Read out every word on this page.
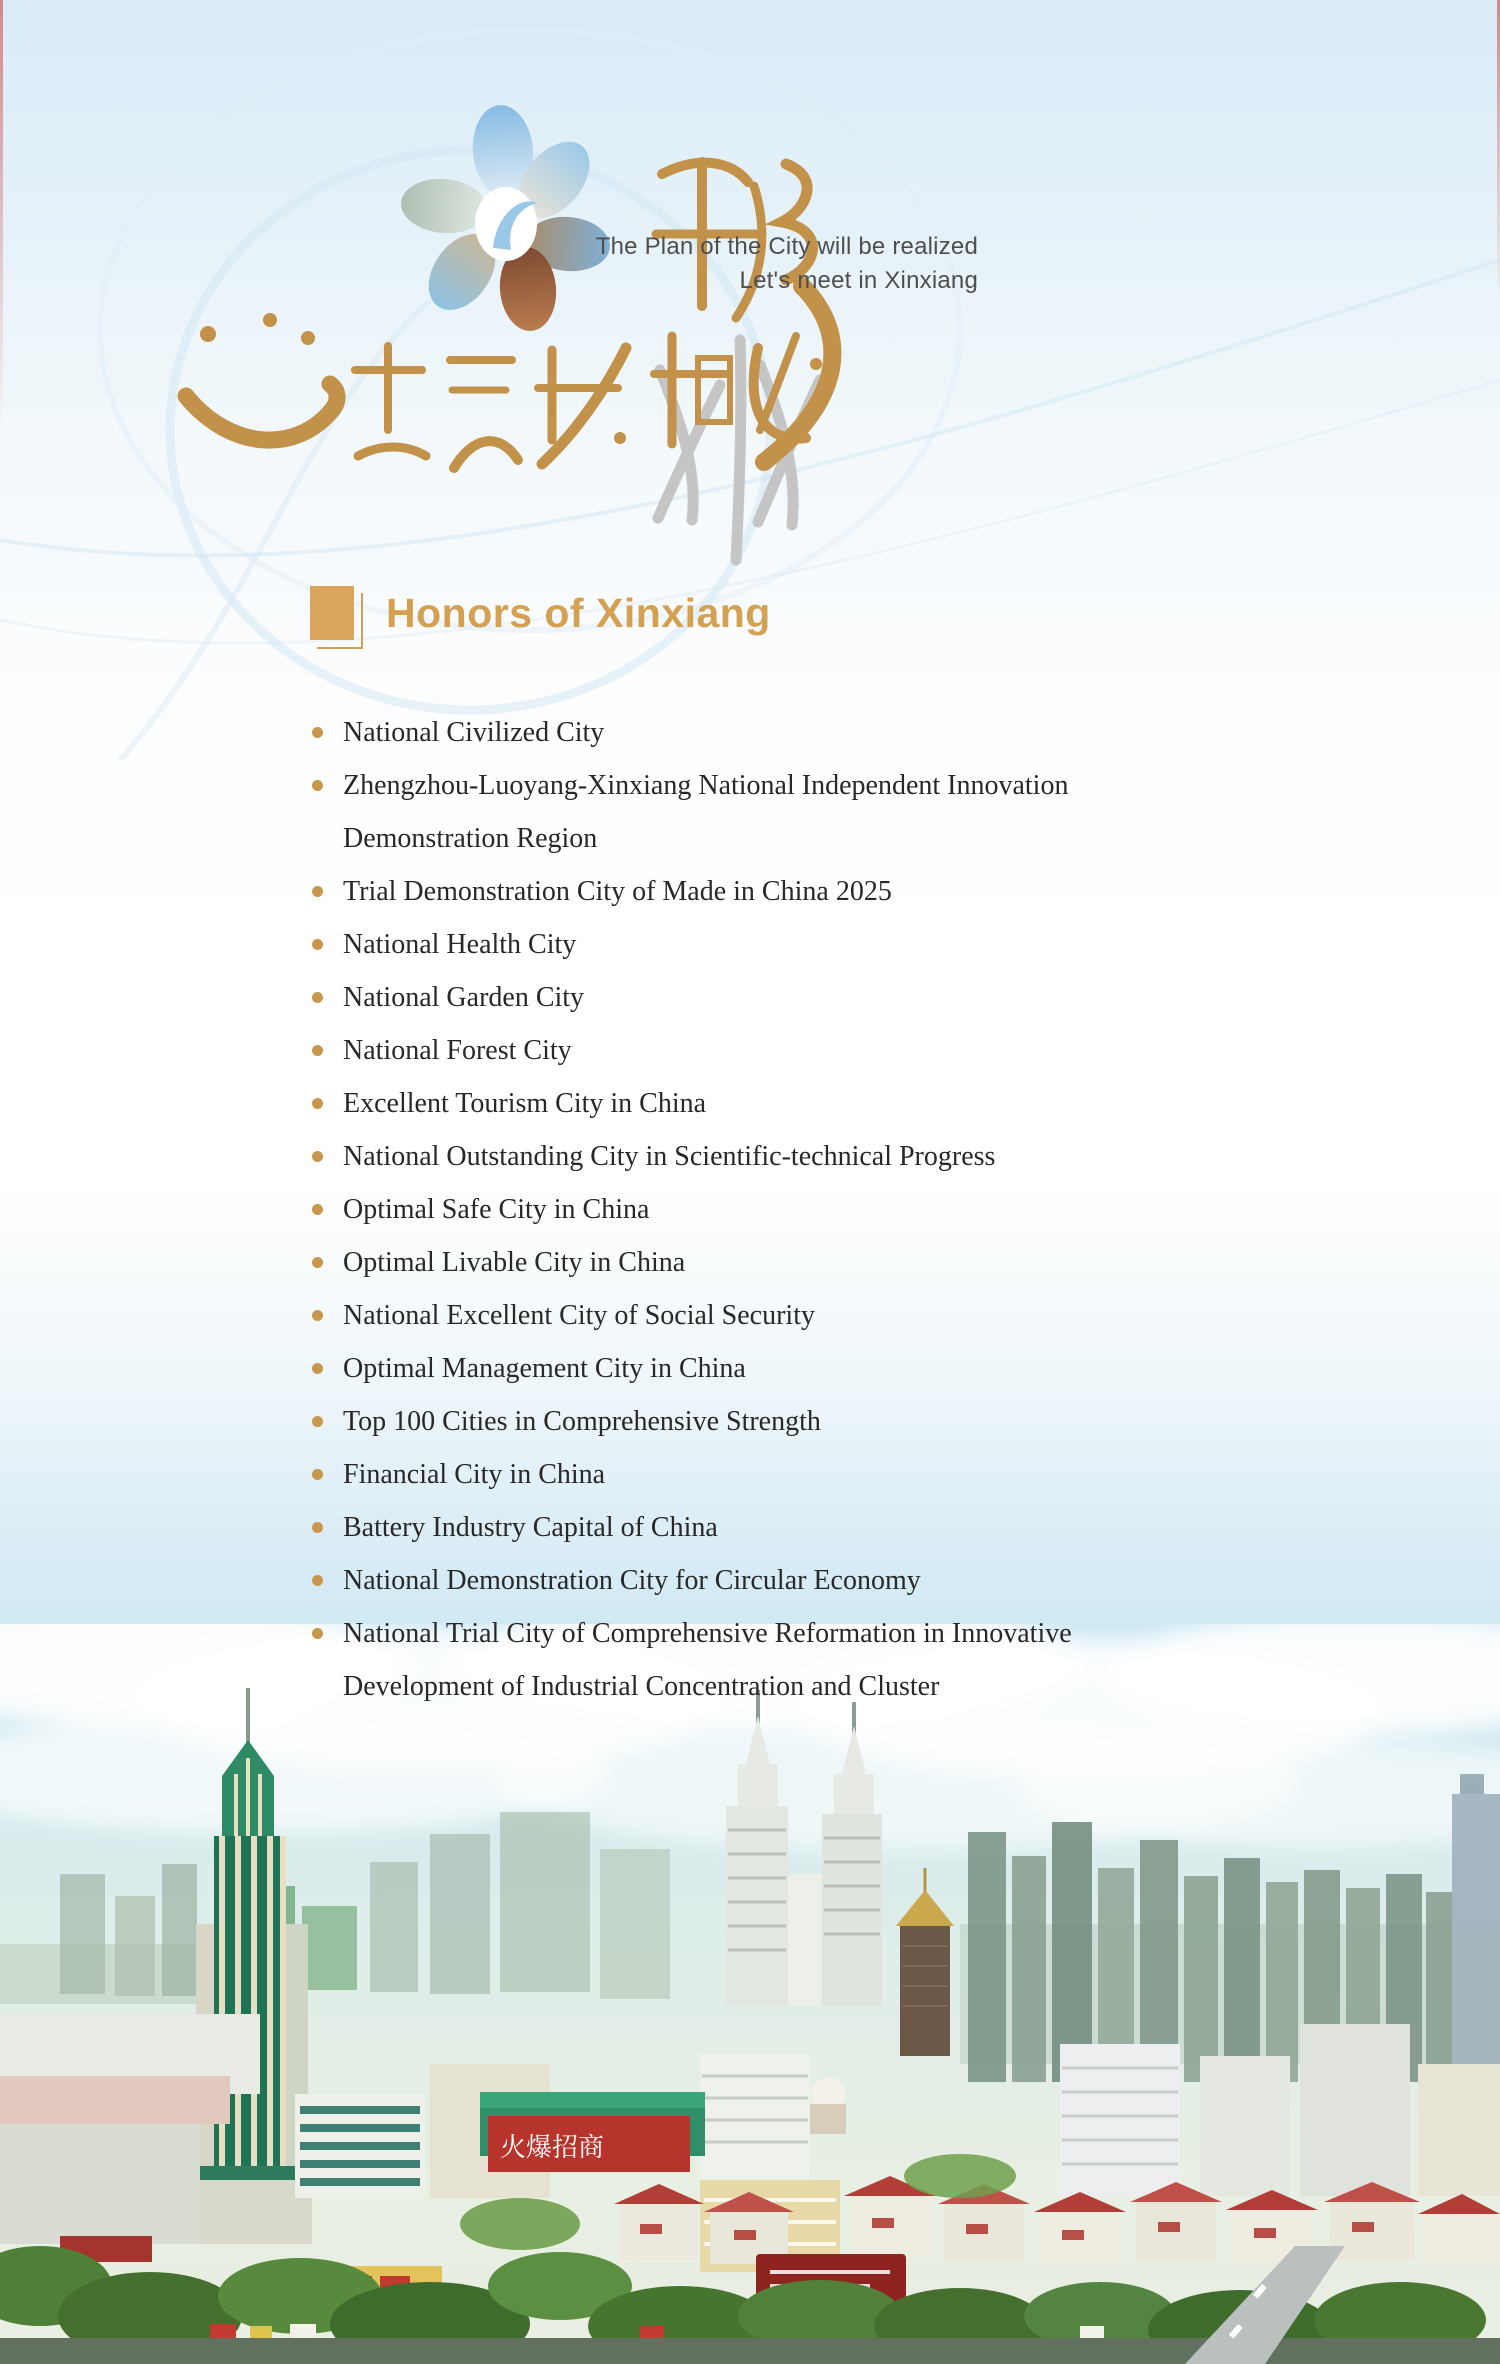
The Plan of the City will be realized
Let's meet in Xinxiang
Honors of Xinxiang
National Civilized City
Zhengzhou-Luoyang-Xinxiang National Independent Innovation Demonstration Region
Trial Demonstration City of Made in China 2025
National Health City
National Garden City
National Forest City
Excellent Tourism City in China
National Outstanding City in Scientific-technical Progress
Optimal Safe City in China
Optimal Livable City in China
National Excellent City of Social Security
Optimal Management City in China
Top 100 Cities in Comprehensive Strength
Financial City in China
Battery Industry Capital of China
National Demonstration City for Circular Economy
National Trial City of Comprehensive Reformation in Innovative Development of Industrial Concentration and Cluster
火爆招商
